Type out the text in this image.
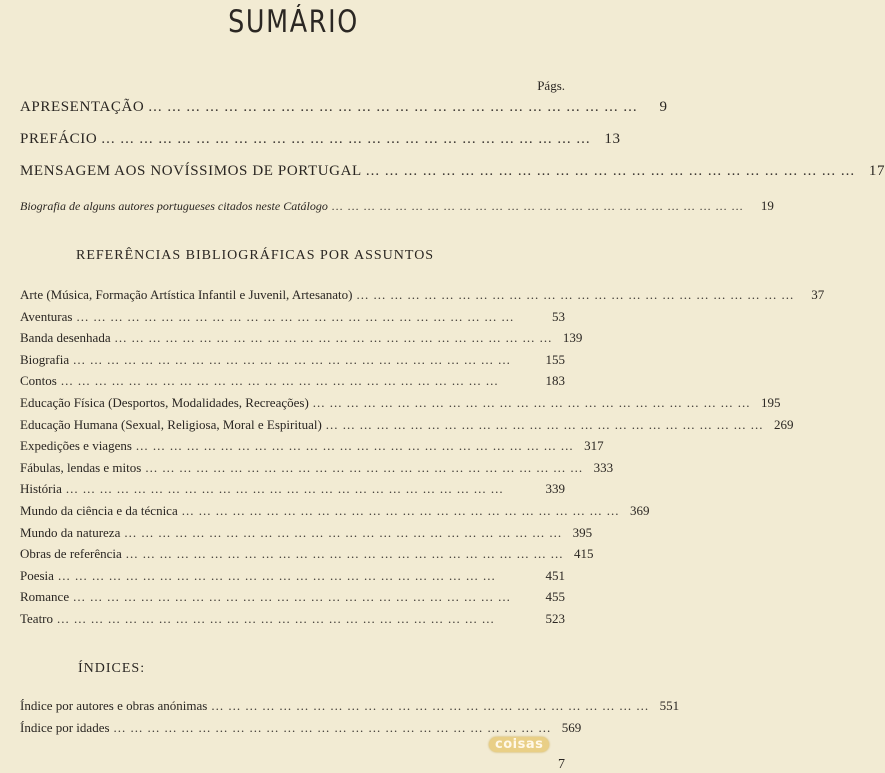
SUMÁRIO
Págs.
APRESENTAÇÃO ... ... ... ... ... ... ... ... ... ... ... ... ... ... ... ... ... ... ... ... ... ... ... ... ... ...	9
PREFÁCIO ... ... ... ... ... ... ... ... ... ... ... ... ... ... ... ... ... ... ... ... ... ... ... ... ... ... 13
MENSAGEM AOS NOVÍSSIMOS DE PORTUGAL ... ... ... ... ... ... ... ... ... ... ... ... ... ... ... ... ... ... ... ... ... ... ... ... ... ... 17
Biografia de alguns autores portugueses citados neste Catálogo ... ... ... ... ... ... ... ... ... ... ... ... ... ... ... ... ... ... ... ... ... ... ... ... ... ...	19
REFERÊNCIAS BIBLIOGRÁFICAS POR ASSUNTOS
Arte (Música, Formação Artística Infantil e Juvenil, Artesanato) ... ... ... ... ... ... ... ... ... ... ... ... ... ... ... ... ... ... ... ... ... ... ... ... ... ...	37
Aventuras ... ... ... ... ... ... ... ... ... ... ... ... ... ... ... ... ... ... ... ... ... ... ... ... ... ...	53
Banda desenhada ... ... ... ... ... ... ... ... ... ... ... ... ... ... ... ... ... ... ... ... ... ... ... ... ... ... 139
Biografia ... ... ... ... ... ... ... ... ... ... ... ... ... ... ... ... ... ... ... ... ... ... ... ... ... ...	155
Contos ... ... ... ... ... ... ... ... ... ... ... ... ... ... ... ... ... ... ... ... ... ... ... ... ... ...	183
Educação Física (Desportos, Modalidades, Recreações) ... ... ... ... ... ... ... ... ... ... ... ... ... ... ... ... ... ... ... ... ... ... ... ... ... ... 195
Educação Humana (Sexual, Religiosa, Moral e Espiritual) ... ... ... ... ... ... ... ... ... ... ... ... ... ... ... ... ... ... ... ... ... ... ... ... ... ... 269
Expedições e viagens ... ... ... ... ... ... ... ... ... ... ... ... ... ... ... ... ... ... ... ... ... ... ... ... ... ... 317
Fábulas, lendas e mitos ... ... ... ... ... ... ... ... ... ... ... ... ... ... ... ... ... ... ... ... ... ... ... ... ... ... 333
História ... ... ... ... ... ... ... ... ... ... ... ... ... ... ... ... ... ... ... ... ... ... ... ... ... ...	339
Mundo da ciência e da técnica ... ... ... ... ... ... ... ... ... ... ... ... ... ... ... ... ... ... ... ... ... ... ... ... ... ... 369
Mundo da natureza ... ... ... ... ... ... ... ... ... ... ... ... ... ... ... ... ... ... ... ... ... ... ... ... ... ... 395
Obras de referência ... ... ... ... ... ... ... ... ... ... ... ... ... ... ... ... ... ... ... ... ... ... ... ... ... ... 415
Poesia ... ... ... ... ... ... ... ... ... ... ... ... ... ... ... ... ... ... ... ... ... ... ... ... ... ...	451
Romance ... ... ... ... ... ... ... ... ... ... ... ... ... ... ... ... ... ... ... ... ... ... ... ... ... ...	455
Teatro ... ... ... ... ... ... ... ... ... ... ... ... ... ... ... ... ... ... ... ... ... ... ... ... ... ...	523
ÍNDICES:
Índice por autores e obras anónimas ... ... ... ... ... ... ... ... ... ... ... ... ... ... ... ... ... ... ... ... ... ... ... ... ... ... 551
Índice por idades ... ... ... ... ... ... ... ... ... ... ... ... ... ... ... ... ... ... ... ... ... ... ... ... ... ... 569
coisas
7
